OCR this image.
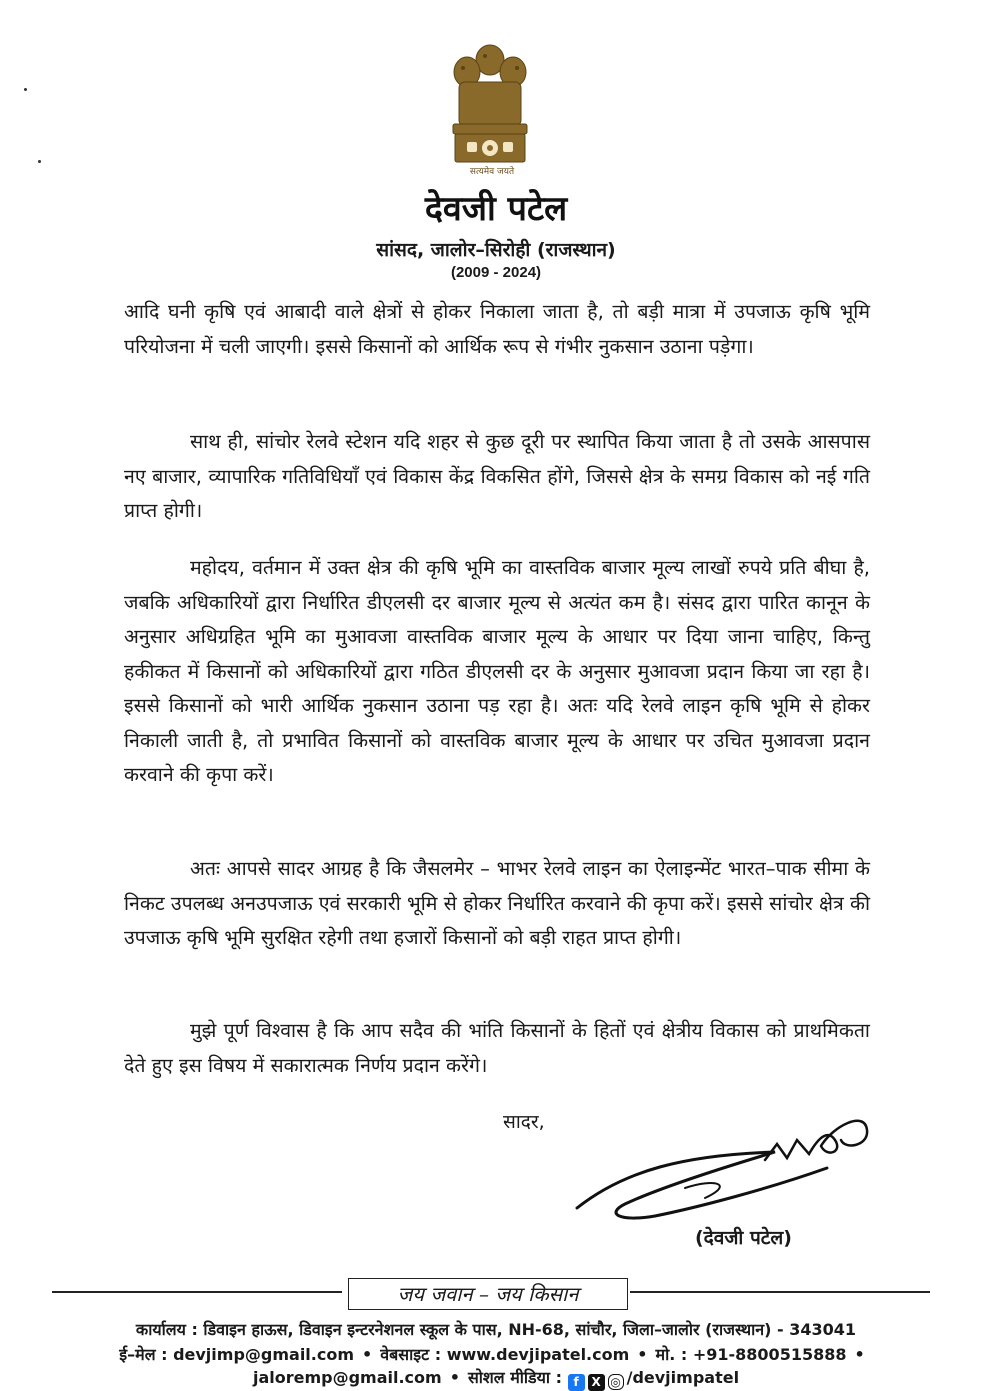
सत्यमेव जयते
देवजी पटेल
सांसद, जालोर–सिरोही (राजस्थान)
(2009 - 2024)
आदि घनी कृषि एवं आबादी वाले क्षेत्रों से होकर निकाला जाता है, तो बड़ी मात्रा में उपजाऊ कृषि भूमि परियोजना में चली जाएगी। इससे किसानों को आर्थिक रूप से गंभीर नुकसान उठाना पड़ेगा।
साथ ही, सांचोर रेलवे स्टेशन यदि शहर से कुछ दूरी पर स्थापित किया जाता है तो उसके आसपास नए बाजार, व्यापारिक गतिविधियाँ एवं विकास केंद्र विकसित होंगे, जिससे क्षेत्र के समग्र विकास को नई गति प्राप्त होगी।
महोदय, वर्तमान में उक्त क्षेत्र की कृषि भूमि का वास्तविक बाजार मूल्य लाखों रुपये प्रति बीघा है, जबकि अधिकारियों द्वारा निर्धारित डीएलसी दर बाजार मूल्य से अत्यंत कम है। संसद द्वारा पारित कानून के अनुसार अधिग्रहित भूमि का मुआवजा वास्तविक बाजार मूल्य के आधार पर दिया जाना चाहिए, किन्तु हकीकत में किसानों को अधिकारियों द्वारा गठित डीएलसी दर के अनुसार मुआवजा प्रदान किया जा रहा है। इससे किसानों को भारी आर्थिक नुकसान उठाना पड़ रहा है। अतः यदि रेलवे लाइन कृषि भूमि से होकर निकाली जाती है, तो प्रभावित किसानों को वास्तविक बाजार मूल्य के आधार पर उचित मुआवजा प्रदान करवाने की कृपा करें।
अतः आपसे सादर आग्रह है कि जैसलमेर – भाभर रेलवे लाइन का ऐलाइन्मेंट भारत–पाक सीमा के निकट उपलब्ध अनउपजाऊ एवं सरकारी भूमि से होकर निर्धारित करवाने की कृपा करें। इससे सांचोर क्षेत्र की उपजाऊ कृषि भूमि सुरक्षित रहेगी तथा हजारों किसानों को बड़ी राहत प्राप्त होगी।
मुझे पूर्ण विश्वास है कि आप सदैव की भांति किसानों के हितों एवं क्षेत्रीय विकास को प्राथमिकता देते हुए इस विषय में सकारात्मक निर्णय प्रदान करेंगे।
सादर,
(देवजी पटेल)
जय जवान – जय किसान
कार्यालय : डिवाइन हाऊस, डिवाइन इन्टरनेशनल स्कूल के पास, NH-68, सांचौर, जिला–जालोर (राजस्थान) - 343041
ई–मेल : devjimp@gmail.com • वेबसाइट : www.devjipatel.com • मो. : +91-8800515888 •
jaloremp@gmail.com • सोशल मीडिया : f X ◎ /devjimpatel
